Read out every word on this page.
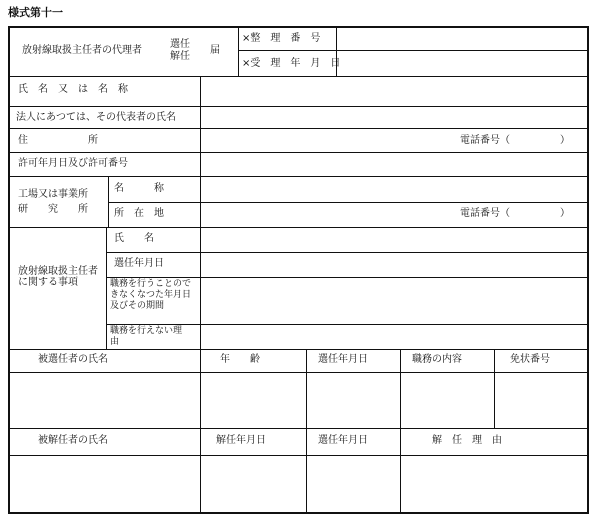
様式第十一
放射線取扱主任者の代理者
選任
解任
届
×整　理　番　号
×受　理　年　月　日
氏　名　又　は　名　称
法人にあつては、その代表者の氏名
住　　　　　　所	電話番号（　　　　　）
許可年月日及び許可番号
工場又は事業所
研　　究　　所
名　　　称
所　在　地	電話番号（　　　　　）
放射線取扱主任者に関する事項
氏　　名
選任年月日
職務を行うことのできなくなつた年月日及びその期間
職務を行えない理　　由
被選任者の氏名	年　　齢	選任年月日	職務の内容	免状番号
被解任者の氏名	解任年月日	選任年月日	解　任　理　由
